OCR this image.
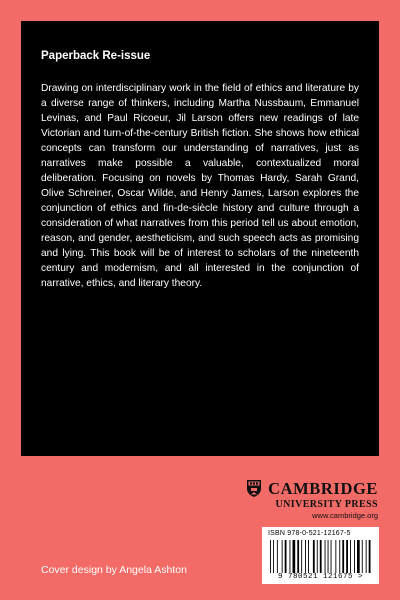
Paperback Re-issue
Drawing on interdisciplinary work in the field of ethics and literature by a diverse range of thinkers, including Martha Nussbaum, Emmanuel Levinas, and Paul Ricoeur, Jil Larson offers new readings of late Victorian and turn-of-the-century British fiction. She shows how ethical concepts can transform our understanding of narratives, just as narratives make possible a valuable, contextualized moral deliberation. Focusing on novels by Thomas Hardy, Sarah Grand, Olive Schreiner, Oscar Wilde, and Henry James, Larson explores the conjunction of ethics and fin-de-siècle history and culture through a consideration of what narratives from this period tell us about emotion, reason, and gender, aestheticism, and such speech acts as promising and lying. This book will be of interest to scholars of the nineteenth century and modernism, and all interested in the conjunction of narrative, ethics, and literary theory.
CAMBRIDGE
UNIVERSITY PRESS
www.cambridge.org
ISBN 978-0-521-12167-5
9 780521 121675 >
Cover design by Angela Ashton
